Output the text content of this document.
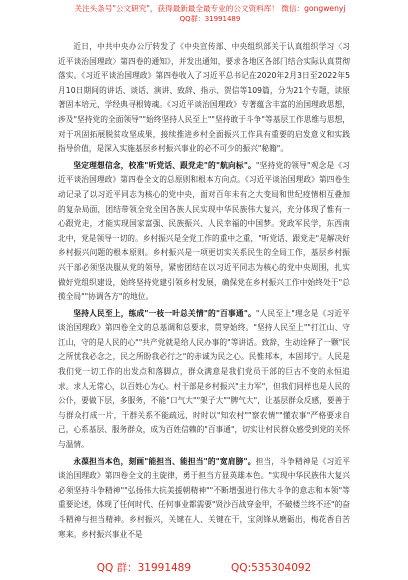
关注头条号"公文研究"，获得最新最全最专业的公文资料库！ 微信：gongwenyj
QQ群：31991489

近日，中共中央办公厅转发了《中央宣传部、中央组织部关于认真组织学习〈习近平谈治国理政〉第四卷的通知》，并发出通知，要求各地区各部门结合实际认真贯彻落实。《习近平谈治国理政》第四卷收入了习近平总书记在2020年2月3日至2022年5月10日期间的讲话、谈话、演讲、致辞、指示、贺信等109篇，分为21个专题，读原著固本培元，学经典寻根铸魂。《习近平谈治国理政》专著蕴含丰富的治国理政思想，涉及"坚持党的全面领导""始终坚持人民至上""坚持敢于斗争"等基层工作思维与思想，对于巩固拓展脱贫攻坚成果，接续推进乡村全面振兴工作具有重要的启发意义和实践指导价值，是深入实施基层乡村振兴事业的必不可少的振兴"秘籍"。

坚定理想信念，校准"听党话、跟党走"的"航向标"。"坚持党的领导"观念是《习近平谈治国理政》第四卷全文的总原则和根本方向点。《习近平谈治国理政》第四卷生动记录了以习近平同志为核心的党中央，面对百年未有之大变局和世纪疫情相互叠加的复杂局面，团结带领全党全国各族人民实现中华民族伟大复兴，充分体现了惟有一心跟党走，才能实现国家富强、民族振兴、人民幸福的中国梦。党政军民学，东西南北中，党是领导一切的。乡村振兴是全党工作的重中之重，"听党话、跟党走"是解决好乡村振兴问题的根本原则。乡村振兴是一项更切实关系民生的全局工作，基层乡村振兴干部必须坚决服从党的领导，紧密团结在以习近平同志为核心的党中央周围，扎实做好党组织建设，始终坚持党建引领乡村发展，确保党在乡村振兴工作中始终处于"总揽全局""协调各方"的地位。

坚持人民至上，练成"一枝一叶总关情"的"百事通"。"人民至上"理念是《习近平谈治国理政》第四卷全文的总基调和总要求，贯穿始终。"坚持人民至上""打江山、守江山，守的是人民的心""共产党就是给人民办事的"等讲话。致辞，生动诠释了一颗"民之所忧我必念之，民之所盼我必行之"的赤诚为民之心。民惟邦本，本固邦宁。人民是我们党一切工作的出发点和落脚点，群众满意是我们党员干部的巨古不变的永恒追求。求人无常心，以百姓心为心。村干部是乡村振兴"主力军"，但我们同样也是人民的公仆，要做下层，多服务，不能"口气大""架子大""脾气大"，让基层群众反感，要善于与群众打成一片，干群关系不能疏远，时时以"知农村""察农情""懂农事"严格要求自己，心系基层、服务群众，成为百姓信赖的"百事通"，切实让村民群众感受到党的关怀与温情。

永葆担当本色，刻画"能担当、能担当"的"宽肩膀"。担当，斗争精神是《习近平谈治国理政》第四卷全文的主旋律，勇于担当方显英雄本色。"实现中华民族伟大复兴必须坚持斗争精神""弘扬伟大抗美援朝精神""不断增强进行伟大斗争的意志和本领"等重要论述，体现了任何时代、任何事业都需要"贤沙百战穿金甲，不破楼兰终不还"的奋斗精神与担当精神。乡村振兴，关键在人、关键在干，宝剑锋从磨砺出，梅花香自苦寒来。乡村振兴事业不是

QQ 群：31991489	QQ:535304092
